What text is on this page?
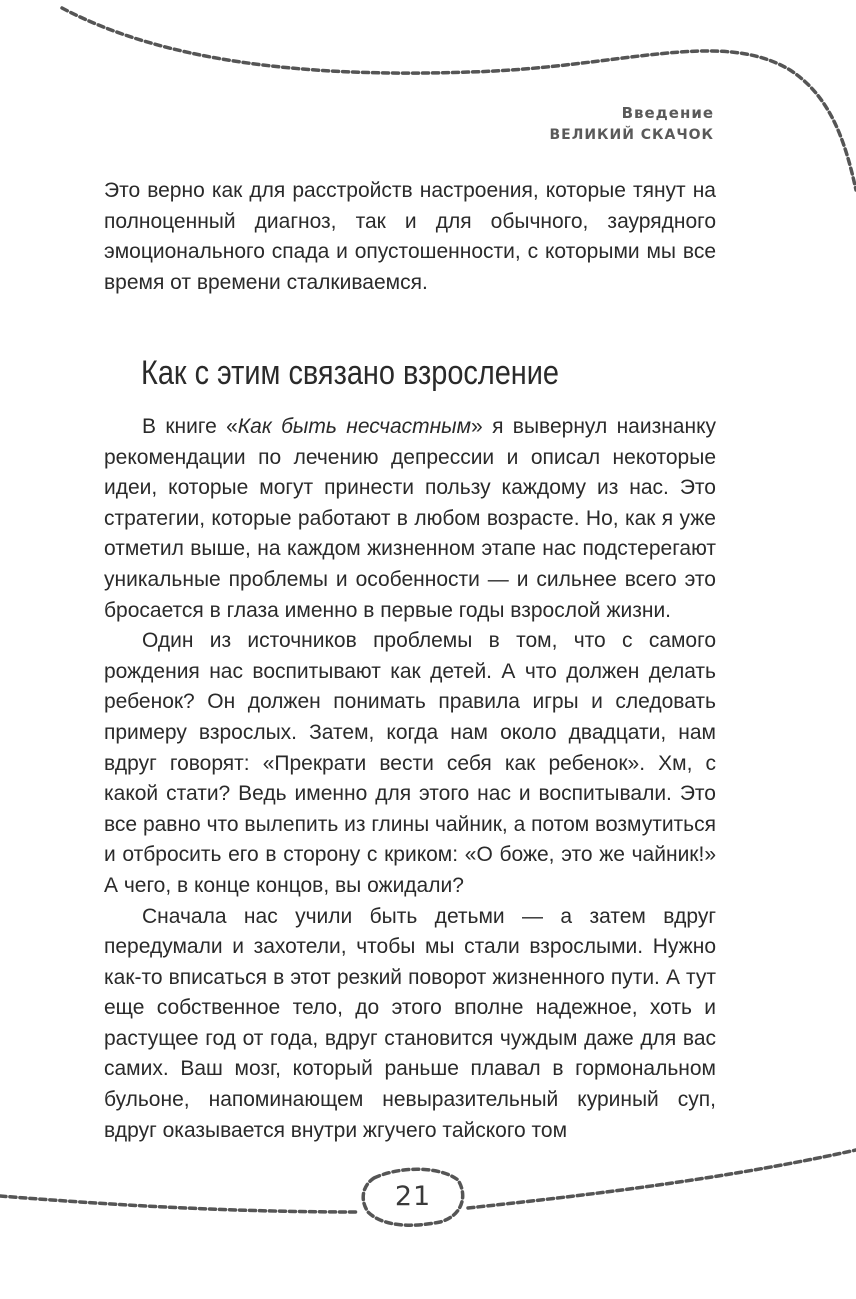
Введение
ВЕЛИКИЙ СКАЧОК

Это верно как для расстройств настроения, которые тянут на полноценный диагноз, так и для обычного, заурядного эмоционального спада и опустошенности, с которыми мы все время от времени сталкиваемся.

Как с этим связано взросление

В книге «Как быть несчастным» я вывернул наизнанку рекомендации по лечению депрессии и описал некоторые идеи, которые могут принести пользу каждому из нас. Это стратегии, которые работают в любом возрасте. Но, как я уже отметил выше, на каждом жизненном этапе нас подстерегают уникальные проблемы и особенности — и сильнее всего это бросается в глаза именно в первые годы взрослой жизни.

Один из источников проблемы в том, что с самого рождения нас воспитывают как детей. А что должен делать ребенок? Он должен понимать правила игры и следовать примеру взрослых. Затем, когда нам около двадцати, нам вдруг говорят: «Прекрати вести себя как ребенок». Хм, с какой стати? Ведь именно для этого нас и воспитывали. Это все равно что вылепить из глины чайник, а потом возмутиться и отбросить его в сторону с криком: «О боже, это же чайник!» А чего, в конце концов, вы ожидали?

Сначала нас учили быть детьми — а затем вдруг передумали и захотели, чтобы мы стали взрослыми. Нужно как-то вписаться в этот резкий поворот жизненного пути. А тут еще собственное тело, до этого вполне надежное, хоть и растущее год от года, вдруг становится чуждым даже для вас самих. Ваш мозг, который раньше плавал в гормональном бульоне, напоминающем невыразительный куриный суп, вдруг оказывается внутри жгучего тайского том

21
